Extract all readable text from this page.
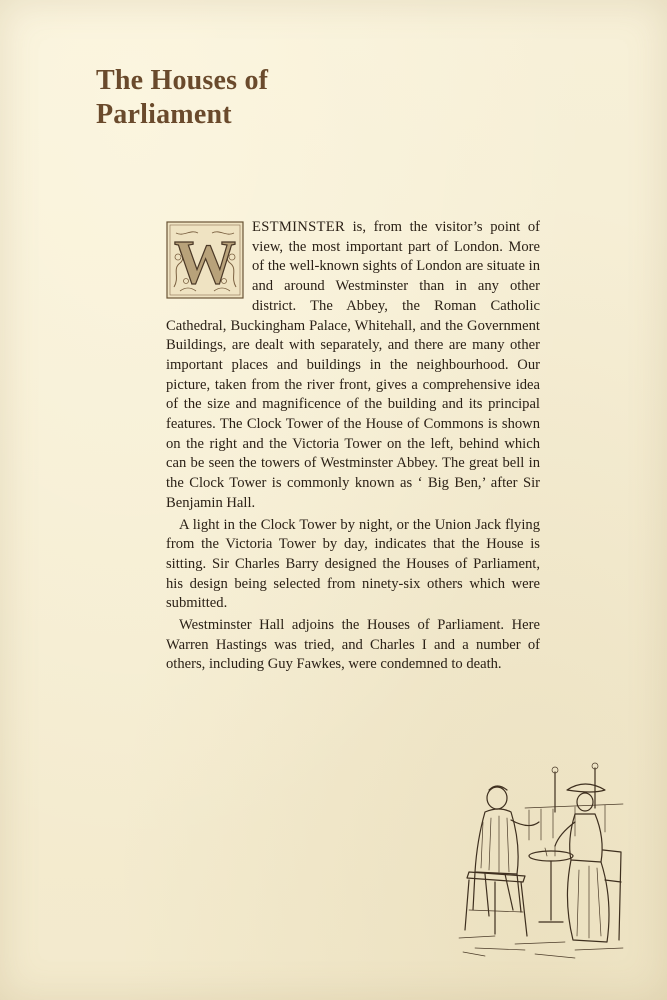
The Houses of
Parliament

W
ESTMINSTER is, from the visitor’s point of view, the most important part of London. More of the well-known sights of London are situate in and around Westminster than in any other district. The Abbey, the Roman Catholic Cathedral, Buckingham Palace, Whitehall, and the Government Buildings, are dealt with separately, and there are many other important places and buildings in the neighbourhood. Our picture, taken from the river front, gives a comprehensive idea of the size and magnificence of the building and its principal features. The Clock Tower of the House of Commons is shown on the right and the Victoria Tower on the left, behind which can be seen the towers of Westminster Abbey. The great bell in the Clock Tower is commonly known as ‘ Big Ben,’ after Sir Benjamin Hall.

A light in the Clock Tower by night, or the Union Jack flying from the Victoria Tower by day, indicates that the House is sitting. Sir Charles Barry designed the Houses of Parliament, his design being selected from ninety-six others which were submitted.

Westminster Hall adjoins the Houses of Parliament. Here Warren Hastings was tried, and Charles I and a number of others, including Guy Fawkes, were condemned to death.
